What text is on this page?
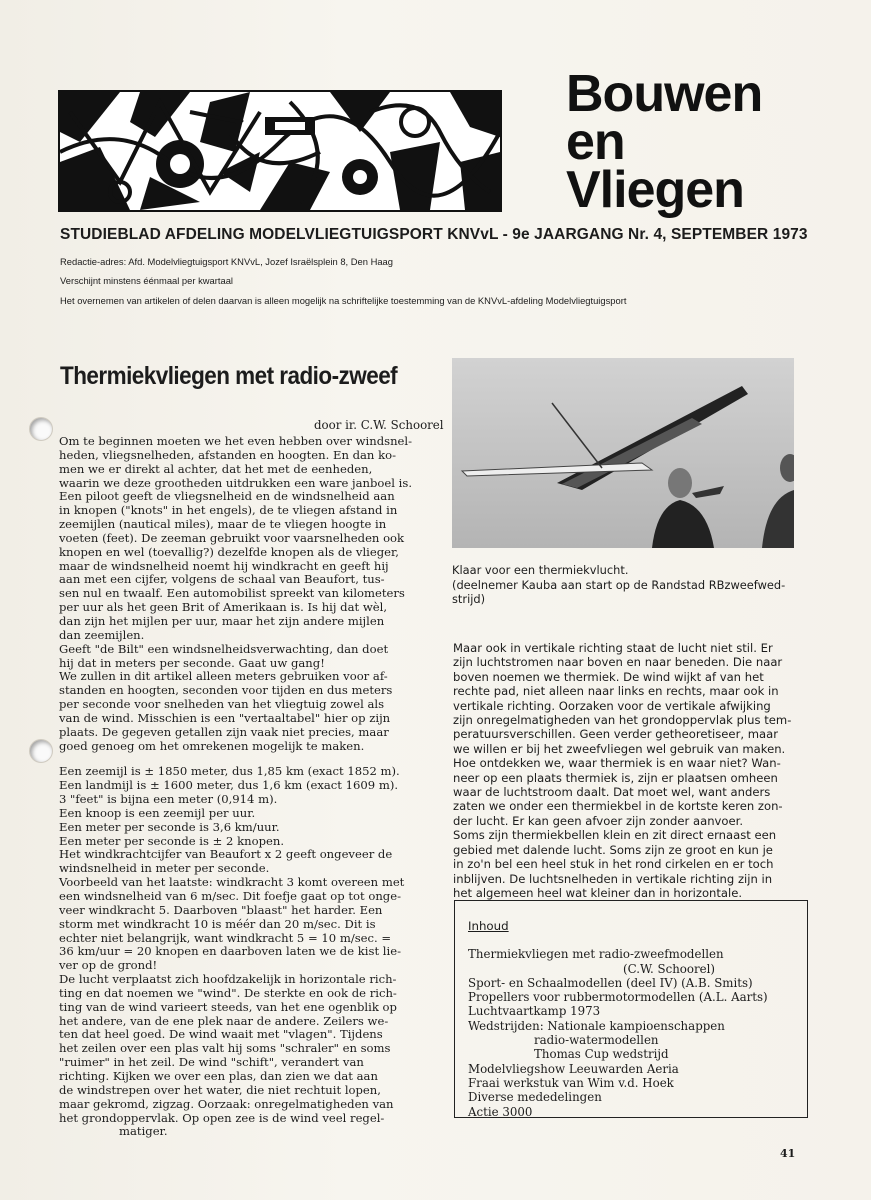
Bouwen
en
Vliegen
STUDIEBLAD AFDELING MODELVLIEGTUIGSPORT KNVvL - 9e JAARGANG Nr. 4, SEPTEMBER 1973
Redactie-adres: Afd. Modelvliegtuigsport KNVvL, Jozef Israëlsplein 8, Den Haag
Verschijnt minstens éénmaal per kwartaal
Het overnemen van artikelen of delen daarvan is alleen mogelijk na schriftelijke toestemming van de KNVvL-afdeling Modelvliegtuigsport
Thermiekvliegen met radio-zweef
door ir. C.W. Schoorel
Om te beginnen moeten we het even hebben over windsnel-
heden, vliegsnelheden, afstanden en hoogten. En dan ko-
men we er direkt al achter, dat het met de eenheden,
waarin we deze grootheden uitdrukken een ware janboel is.
Een piloot geeft de vliegsnelheid en de windsnelheid aan
in knopen ("knots" in het engels), de te vliegen afstand in
zeemijlen (nautical miles), maar de te vliegen hoogte in
voeten (feet). De zeeman gebruikt voor vaarsnelheden ook
knopen en wel (toevallig?) dezelfde knopen als de vlieger,
maar de windsnelheid noemt hij windkracht en geeft hij
aan met een cijfer, volgens de schaal van Beaufort, tus-
sen nul en twaalf. Een automobilist spreekt van kilometers
per uur als het geen Brit of Amerikaan is. Is hij dat wèl,
dan zijn het mijlen per uur, maar het zijn andere mijlen
dan zeemijlen.
Geeft "de Bilt" een windsnelheidsverwachting, dan doet
hij dat in meters per seconde. Gaat uw gang!
We zullen in dit artikel alleen meters gebruiken voor af-
standen en hoogten, seconden voor tijden en dus meters
per seconde voor snelheden van het vliegtuig zowel als
van de wind. Misschien is een "vertaaltabel" hier op zijn
plaats. De gegeven getallen zijn vaak niet precies, maar
goed genoeg om het omrekenen mogelijk te maken.
Een zeemijl is ± 1850 meter, dus 1,85 km (exact 1852 m).
Een landmijl is ± 1600 meter, dus 1,6 km (exact 1609 m).
3 "feet" is bijna een meter (0,914 m).
Een knoop is een zeemijl per uur.
Een meter per seconde is 3,6 km/uur.
Een meter per seconde is ± 2 knopen.
Het windkrachtcijfer van Beaufort x 2 geeft ongeveer de
windsnelheid in meter per seconde.
Voorbeeld van het laatste: windkracht 3 komt overeen met
een windsnelheid van 6 m/sec. Dit foefje gaat op tot onge-
veer windkracht 5. Daarboven "blaast" het harder. Een
storm met windkracht 10 is méér dan 20 m/sec. Dit is
echter niet belangrijk, want windkracht 5 = 10 m/sec. =
36 km/uur = 20 knopen en daarboven laten we de kist lie-
ver op de grond!
De lucht verplaatst zich hoofdzakelijk in horizontale rich-
ting en dat noemen we "wind". De sterkte en ook de rich-
ting van de wind varieert steeds, van het ene ogenblik op
het andere, van de ene plek naar de andere. Zeilers we-
ten dat heel goed. De wind waait met "vlagen". Tijdens
het zeilen over een plas valt hij soms "schraler" en soms
"ruimer" in het zeil. De wind "schift", verandert van
richting. Kijken we over een plas, dan zien we dat aan
de windstrepen over het water, die niet rechtuit lopen,
maar gekromd, zigzag. Oorzaak: onregelmatigheden van
het grondoppervlak. Op open zee is de wind veel regel-
matiger.
Klaar voor een thermiekvlucht.
(deelnemer Kauba aan start op de Randstad RBzweefwed-
strijd)
Maar ook in vertikale richting staat de lucht niet stil. Er
zijn luchtstromen naar boven en naar beneden. Die naar
boven noemen we thermiek. De wind wijkt af van het
rechte pad, niet alleen naar links en rechts, maar ook in
vertikale richting. Oorzaken voor de vertikale afwijking
zijn onregelmatigheden van het grondoppervlak plus tem-
peratuursverschillen. Geen verder getheoretiseer, maar
we willen er bij het zweefvliegen wel gebruik van maken.
Hoe ontdekken we, waar thermiek is en waar niet? Wan-
neer op een plaats thermiek is, zijn er plaatsen omheen
waar de luchtstroom daalt. Dat moet wel, want anders
zaten we onder een thermiekbel in de kortste keren zon-
der lucht. Er kan geen afvoer zijn zonder aanvoer.
Soms zijn thermiekbellen klein en zit direct ernaast een
gebied met dalende lucht. Soms zijn ze groot en kun je
in zo'n bel een heel stuk in het rond cirkelen en er toch
inblijven. De luchtsnelheden in vertikale richting zijn in
het algemeen heel wat kleiner dan in horizontale.
Inhoud
Thermiekvliegen met radio-zweefmodellen
(C.W. Schoorel)
Sport- en Schaalmodellen (deel IV) (A.B. Smits)
Propellers voor rubbermotormodellen (A.L. Aarts)
Luchtvaartkamp 1973
Wedstrijden: Nationale kampioenschappen
radio-watermodellen
Thomas Cup wedstrijd
Modelvliegshow Leeuwarden Aeria
Fraai werkstuk van Wim v.d. Hoek
Diverse mededelingen
Actie 3000
41
